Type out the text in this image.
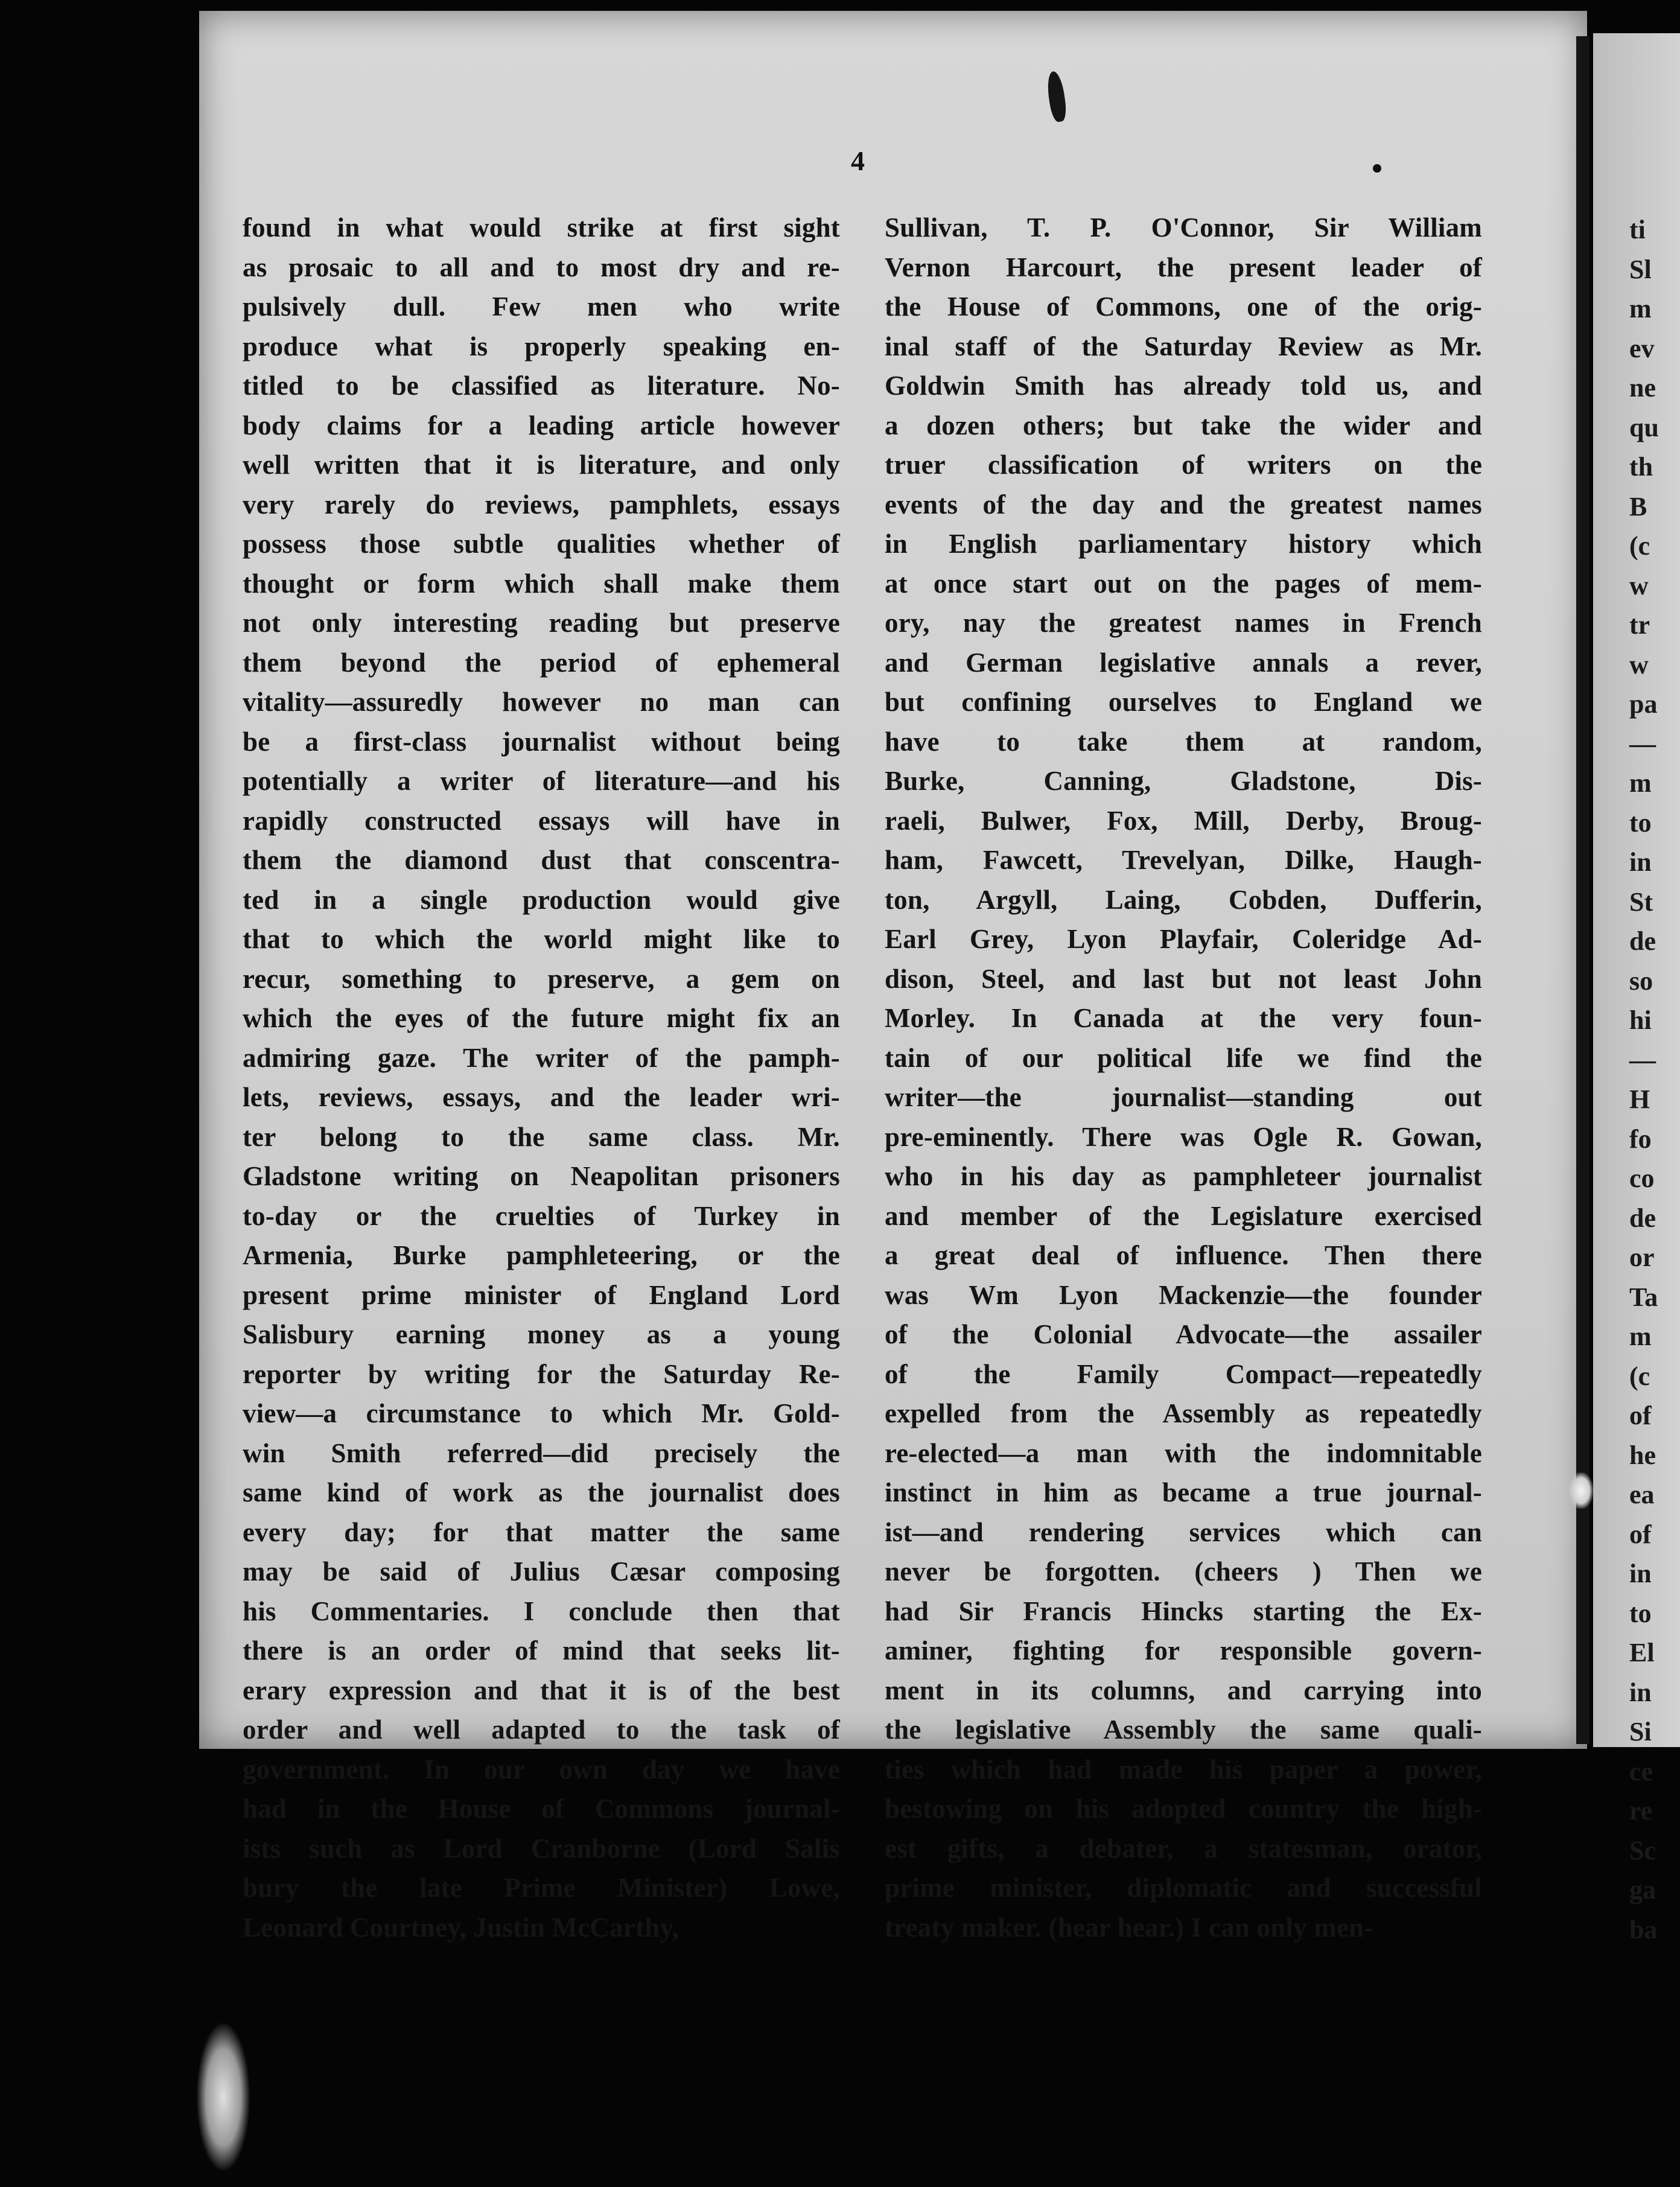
ti
Sl
m
ev
ne
qu
th
B
(c
w
tr
w
pa
—
m
to
in
St
de
so
hi
—
H
fo
co
de
or
Ta
m
(c
of
he
ea
of
in
to
El
in
Si
ce
re
Sc
ga
ba
4
found in what would strike at first sight
as prosaic to all and to most dry and re-
pulsively dull. Few men who write
produce what is properly speaking en-
titled to be classified as literature. No-
body claims for a leading article however
well written that it is literature, and only
very rarely do reviews, pamphlets, essays
possess those subtle qualities whether of
thought or form which shall make them
not only interesting reading but preserve
them beyond the period of ephemeral
vitality—assuredly however no man can
be a first-class journalist without being
potentially a writer of literature—and his
rapidly constructed essays will have in
them the diamond dust that conscentra-
ted in a single production would give
that to which the world might like to
recur, something to preserve, a gem on
which the eyes of the future might fix an
admiring gaze. The writer of the pamph-
lets, reviews, essays, and the leader wri-
ter belong to the same class. Mr.
Gladstone writing on Neapolitan prisoners
to-day or the cruelties of Turkey in
Armenia, Burke pamphleteering, or the
present prime minister of England Lord
Salisbury earning money as a young
reporter by writing for the Saturday Re-
view—a circumstance to which Mr. Gold-
win Smith referred—did precisely the
same kind of work as the journalist does
every day; for that matter the same
may be said of Julius Cæsar composing
his Commentaries. I conclude then that
there is an order of mind that seeks lit-
erary expression and that it is of the best
order and well adapted to the task of
government. In our own day we have
had in the House of Commons journal-
ists such as Lord Cranborne (Lord Salis
bury the late Prime Minister) Lowe,
Leonard Courtney, Justin McCarthy,
Sullivan, T. P. O'Connor, Sir William
Vernon Harcourt, the present leader of
the House of Commons, one of the orig-
inal staff of the Saturday Review as Mr.
Goldwin Smith has already told us, and
a dozen others; but take the wider and
truer classification of writers on the
events of the day and the greatest names
in English parliamentary history which
at once start out on the pages of mem-
ory, nay the greatest names in French
and German legislative annals a rever,
but confining ourselves to England we
have to take them at random,
Burke, Canning, Gladstone, Dis-
raeli, Bulwer, Fox, Mill, Derby, Broug-
ham, Fawcett, Trevelyan, Dilke, Haugh-
ton, Argyll, Laing, Cobden, Dufferin,
Earl Grey, Lyon Playfair, Coleridge Ad-
dison, Steel, and last but not least John
Morley. In Canada at the very foun-
tain of our political life we find the
writer—the journalist—standing out
pre-eminently. There was Ogle R. Gowan,
who in his day as pamphleteer journalist
and member of the Legislature exercised
a great deal of influence. Then there
was Wm Lyon Mackenzie—the founder
of the Colonial Advocate—the assailer
of the Family Compact—repeatedly
expelled from the Assembly as repeatedly
re-elected—a man with the indomnitable
instinct in him as became a true journal-
ist—and rendering services which can
never be forgotten. (cheers ) Then we
had Sir Francis Hincks starting the Ex-
aminer, fighting for responsible govern-
ment in its columns, and carrying into
the legislative Assembly the same quali-
ties which had made his paper a power,
bestowing on his adopted country the high-
est gifts, a debater, a statesman, orator,
prime minister, diplomatic and successful
treaty maker. (hear hear.) I can only men-
